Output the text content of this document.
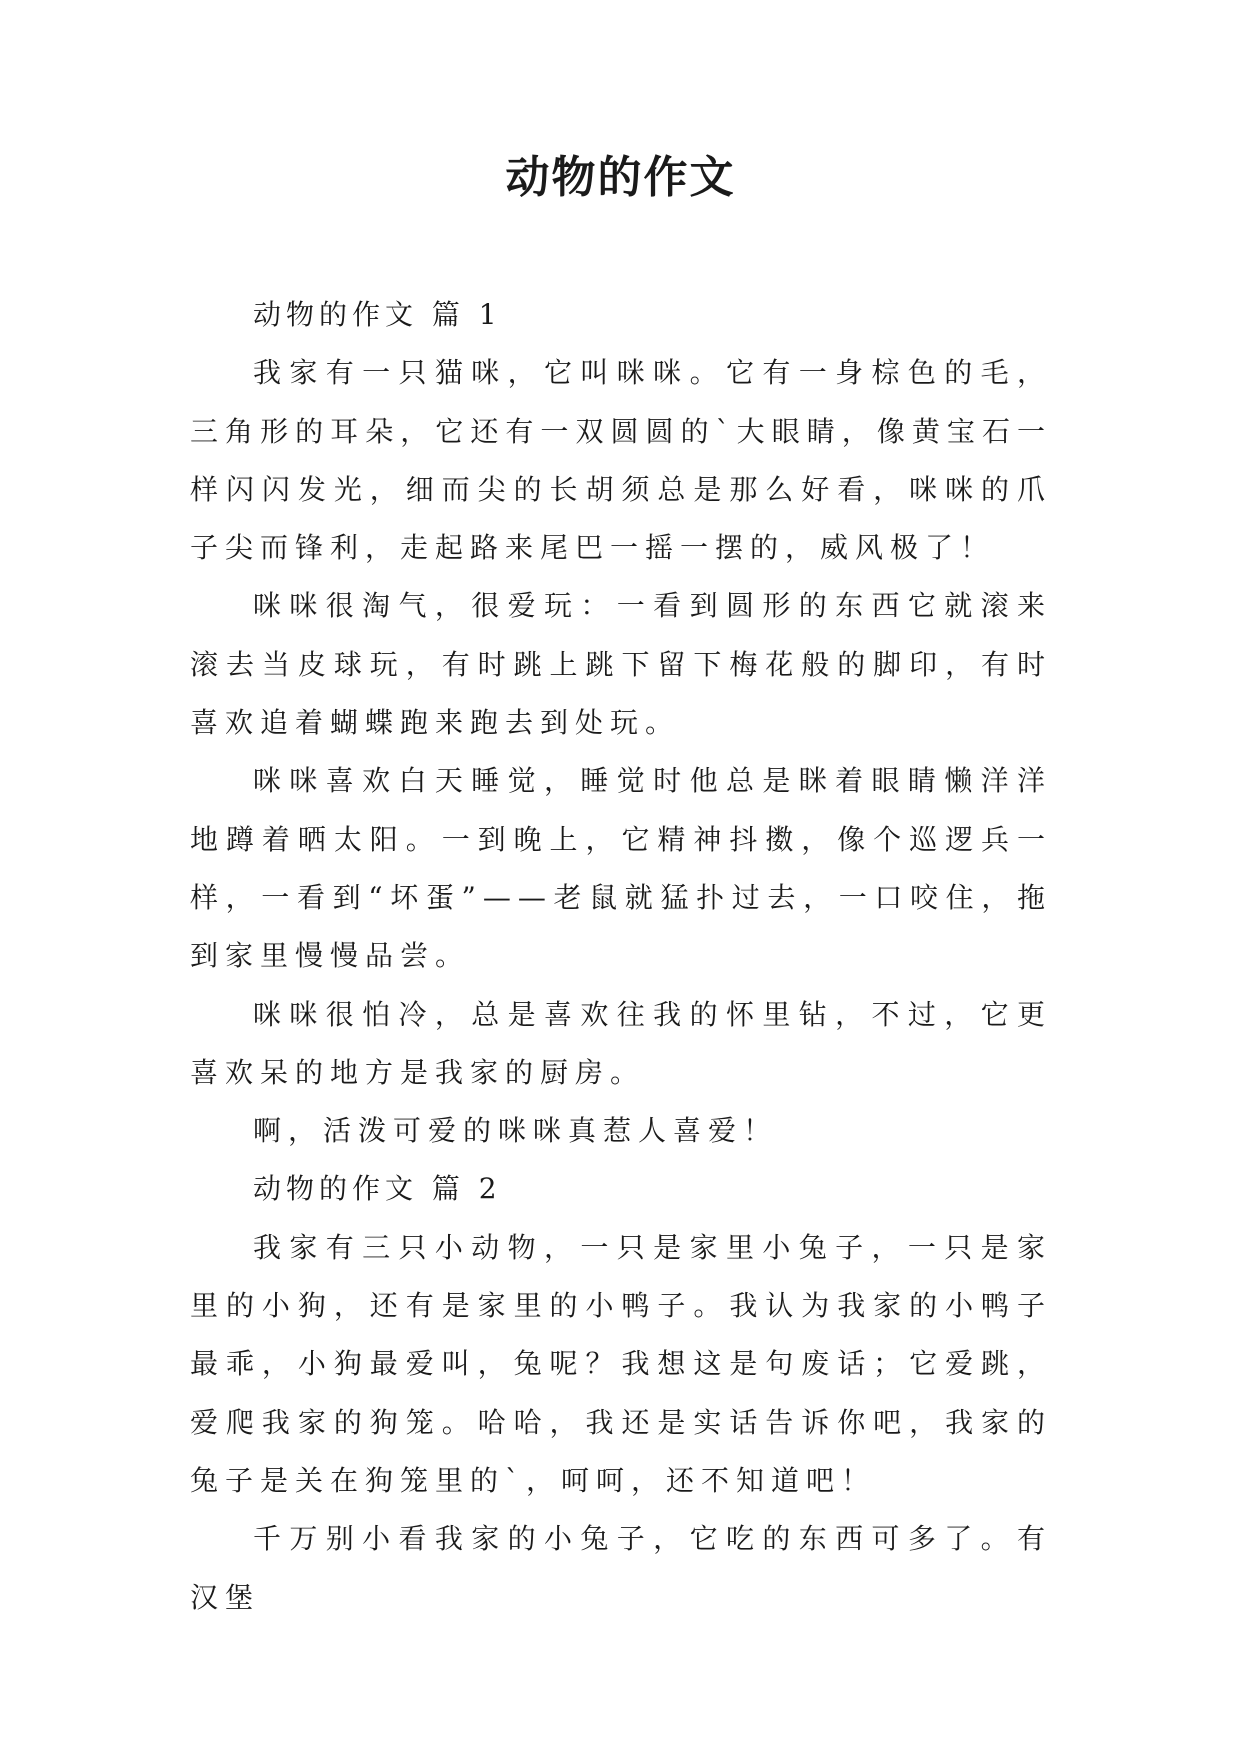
动物的作文

动物的作文 篇 1

我家有一只猫咪，它叫咪咪。它有一身棕色的毛，三角形的耳朵，它还有一双圆圆的`大眼睛，像黄宝石一样闪闪发光，细而尖的长胡须总是那么好看，咪咪的爪子尖而锋利，走起路来尾巴一摇一摆的，威风极了！

咪咪很淘气，很爱玩：一看到圆形的东西它就滚来滚去当皮球玩，有时跳上跳下留下梅花般的脚印，有时喜欢追着蝴蝶跑来跑去到处玩。

咪咪喜欢白天睡觉，睡觉时他总是眯着眼睛懒洋洋地蹲着晒太阳。一到晚上，它精神抖擞，像个巡逻兵一样，一看到“坏蛋”——老鼠就猛扑过去，一口咬住，拖到家里慢慢品尝。

咪咪很怕冷，总是喜欢往我的怀里钻，不过，它更喜欢呆的地方是我家的厨房。

啊，活泼可爱的咪咪真惹人喜爱！

动物的作文 篇 2

我家有三只小动物，一只是家里小兔子，一只是家里的小狗，还有是家里的小鸭子。我认为我家的小鸭子最乖，小狗最爱叫，兔呢？我想这是句废话；它爱跳，爱爬我家的狗笼。哈哈，我还是实话告诉你吧，我家的兔子是关在狗笼里的`，呵呵，还不知道吧！

千万别小看我家的小兔子，它吃的东西可多了。有汉堡
